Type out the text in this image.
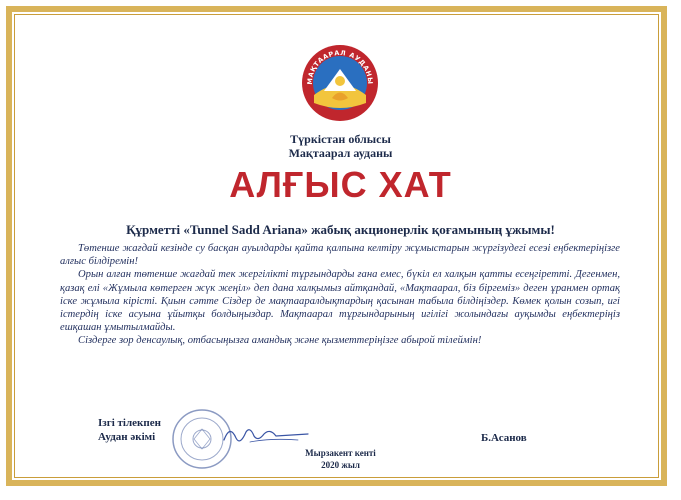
МАҚТААРАЛ АУДАНЫ
Түркістан облысы
Мақтаарал ауданы
АЛҒЫС ХАТ
Құрметті «Tunnel Sadd Ariana» жабық акционерлік қоғамының ұжымы!

Төтенше жағдай кезінде су басқан ауылдарды қайта қалпына келтіру жұмыстарын жүргізудегі есеэі еңбектеріңізге алғыс білдіремін!

Орын алған төтенше жағдай тек жергілікті тұрғындарды ғана емес, бүкіл ел халқын қатты есеңгіретті. Дегенмен, қазақ елі «Жұмыла көтерген жүк жеңіл» деп дана халқымыз айтқандай, «Мақтаарал, біз біргеміз» деген ұранмен ортақ іске жұмыла кірісті. Қиын сәтте Сіздер де мақтааралдықтардың қасынан табыла білдіңіздер. Көмек қолын созып, игі істердің іске асуына ұйытқы болдыңыздар. Мақтаарал тұрғындарының игілігі жолындағы ауқымды еңбектеріңіз ешқашан ұмытылмайды.

Сіздерге зор денсаулық, отбасыңызға амандық және қызметтеріңізге абырой тілеймін!

Ізгі тілекпен
Аудан әкімі	Б.Асанов
Мырзакент кенті
2020 жыл
